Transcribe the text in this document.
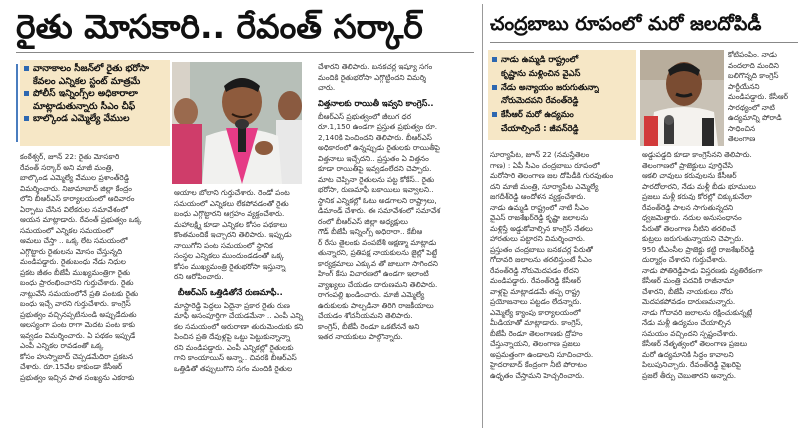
రైతు మోసకారి.. రేవంత్ సర్కార్
వానాకాలం సీజన్‌లో రైతు భరోసా
కేవలం ఎన్నికల స్టంట్ మాత్రమే
పోలీస్ ఇన్నింగ్స్‌ల అధికారాలా
మాట్లాడుతున్నారు సీఎం చీఫ్
బాల్కొండ ఎమ్మెల్యే వేముల
కంఠేశ్వర్, జూన్ 22: రైతు మోసకారి
రేవంత్ సర్కార్ అని మాజీ మంత్రి,
బాల్కొండ ఎమ్మెల్యే వేముల ప్రశాంత్‌రెడ్డి
విమర్శించారు. నిజామాబాద్ జిల్లా కేంద్రం
లోని బీఆర్ఎస్ కార్యాలయంలో ఆదివారం
ఏర్పాటు చేసిన విలేకరుల సమావేశంలో
ఆయన మాట్లాడారు. రేవంత్ ప్రభుత్వం ఒక్క
సమయంలో ఎన్నికల సమయంలో
ఆమలు చేస్తా .. ఒక్క లేట సమయంలో
ఎగ్గొట్టారు రైతులను మోసం చేస్తున్నది
మండిపడ్డారు. రైతుబంధు నేడు నిధుల
ప్రకట జీతం బీజేపీ ముఖ్యమంత్రిగా రైతు
బంధు ప్రారంభించారని గుర్తుచేశారు. రైతు
నాట్లువేసే సమయంలోనే ప్రతి పంటకు రైతు
బంధు ఇచ్చే వారని గుర్తుచేశారు. కాంగ్రెస్
ప్రభుత్వం వచ్చినప్పటినుండి అప్పుడేదుతు
ఆలస్యంగా పంట రాగా మెదట పంట కాకు
ఇవ్వడం విమర్శించారు. ఏ పథకం ఇప్పుడే
ఎంపీ ఎన్నికల రావడంతో ఒక్క
కోసం హుస్నాబాద్ చెప్పడమేదిరా ప్రకటన
చేశారు. రూ.15వేల కాకుండా కేసీఆర్
ప్రభుత్వం ఇచ్చిన పాత సంఖ్యను ఎకరాకు
ఆయాల బోలాని గుర్తుచేశారు. రెండో పంట
సమయంలో ఎన్నికలు లేకపోవడంతో రైతు
బంధు ఎగ్గొట్టారని ఆగ్రహం వ్యక్తంచేశారు.
మహాలక్ష్మి కూడా ఎన్నికల కోసం పథకాలు
కొంతమందికే ఇచ్చారని తెలిపారు. ఇప్పుడు
నాయిగోని పంట సమయంలో స్థానిక
సంస్థల ఎన్నికలు ముందుండడంతో ఒక్క
కోసం ముఖ్యమంత్రి రైతుభరోసా ఇస్తున్నా
రని ఆరోపించారు.
బీఆర్ఎస్ ఒత్తిడితోనే రుణమాఫీ..
మాస్టారెడ్డి పెద్దలు ఏదైనా ప్రకార రైతు రుణ
మాఫీ అసంపూర్తిగా చేయడమేనా .. ఎంపీ ఎన్ని
కల సమయంలో ఆరురాణా తురుమెందుకు కని
పించిన ప్రతి దేవుళ్లపై ఒట్టు పెట్టుకున్నాన్నా
రని మండిపడ్డారు. ఎంపీ ఎన్నికల్లో రైతులకు
గాని కాంయాయిస్ అన్నా.. చివరకి బీఆర్ఎస్
ఒత్తిడితో తప్పులుగొని సగం మందికి రైతుల
చేశారని తెలిపారు. బనకచర్ల ఇష్యూ సగం
మందికి రైతుభరోసా ఎగ్గొట్టిందని విమర్శి
చారు.
విత్తనాలకు రాయితీ ఇవ్వని కాంగ్రెస్..
బీఆర్ఎస్ ప్రభుత్వంలో జీలుగ ధర
రూ.1,150 ఉండగా ప్రస్తుత ప్రభుత్వం రూ.
2,140కి పెంచిందని తెలిపారు. బీఆర్ఎస్
అధికారంలో ఉన్నప్పుడు రైతులకు రాయితీపై
విత్తనాలు ఇచ్చేదని.. ప్రస్తుతం ఏ విత్తనం
కూడా రాయితీపై ఇవ్వడంలేదని చెప్పారు.
మాట చెప్పినా రైతులను పట్ట కోకేస్.. రైతు
భరోసా, రుణమాఫీ బకాయిలు ఇవ్వాలని..
స్థానిక ఎన్నికల్లో ఓటు అడగాలని రాష్ట్రాలు,
డిమాండ్ చేశారు. ఈ సమావేశంలో సమావేశ
రంలో బీఆర్ఎస్ జిల్లా అధ్యక్షులు
గౌడ్ బీజేపీ ఇన్నింగ్స్ అధిరారా.. కేబీఆ
ర్ రేసు తైలంకు వంపబేశీ ఆక్షణ్మా మాట్లాడు
తున్నారని, ప్రతిపక్ష నాయకులను జైల్లో పెట్టే
కార్యక్రమాలు ఎక్కువ తో జాలుగా సాగిందని
హింగ్ కేసు విచారణలో ఉండగా ఇలాంటి
వ్యాఖ్యలు చేయడం దారుణమని తెలిపారు.
రాగంపల్లి ఖండించారు. మాజీ ఎమ్మెల్యే
ఉరుకులకు పాల్పడినా తిరిగి రాజకీయాలు
చేయడం శోచనీయమని తెలిపారు.
కాంగ్రెస్, బీజేపీ రెండూ ఒకటేననే అని
ఇతర నాయకులు పాల్గొన్నారు.
చంద్రబాబు రూపంలో మరో జలదోపిడీ
నాడు ఉమ్మడి రాష్ట్రంలో
కృష్ణాను మళ్లించిన వైఎస్
నేడు అన్యాయం జరుగుతున్నా
నోరుమెదపని రేవంత్‌రెడ్డి
కేసీఆర్ మరో ఉద్యమం
చేయాల్సిందే : జీవన్‌రెడ్డి
కోటిపంపిం. నాడు
వందలాది మందిని
బలిగొన్నది కాంగ్రెస్
పార్టీయేనని
మండిపడ్డారు. కేసీఆర్
సారథ్యంలో నాటి
ఉద్యమాన్ని పోరాడి
సాధించిన
తెలంగాణ
సూర్యాపేట, జూన్ 22 (నమస్తేతెలం
గాణ) : ఏపీ సీఎం చంద్రబాబు రూపంలో
మరోసారి తెలంగాణ జల దోపిడీకి గురవుతుం
దని మాజీ మంత్రి, సూర్యాపేట ఎమ్మెల్యే
జగదీశ్‌రెడ్డి ఆందోళన వ్యక్తంచేశారు.
నాడు ఉమ్మడి రాష్ట్రంలో నాటి సీఎం
వైఎస్ రాజశేఖర్‌రెడ్డి కృష్ణా జలాలను
మళ్లిస్తే అడ్డుకోవాల్సిన కాంగ్రెస్ నేతలు
హారతులు పట్టారని విమర్శించారు.
ప్రస్తుతం చంద్రబాబు బనకచర్ల పేరుతో
గోదావరి జలాలను తరలిస్తుంటే సీఎం
రేవంత్‌రెడ్డి నోరుమెదపడం లేదని
మండిపడ్డారు. రేవంత్‌రెడ్డి కేసీఆర్
వాళ్లపై మాట్లాడడమే తప్ప రాష్ట్ర
ప్రయోజనాలు పట్టడం లేదన్నారు.
ఎమ్మెల్యే క్యాంపు కార్యాలయంలో
మీడియాతో మాట్లాడారు. కాంగ్రెస్,
బీజేపీ రెండూ తెలంగాణకు ద్రోహం
చేస్తున్నాయని, తెలంగాణ ప్రజలు
అప్రమత్తంగా ఉండాలని సూచించారు.
హైదరాబాద్ కేంద్రంగా నీటి పోరాటం
ఉధృతం చేస్తామని హెచ్చరించారు.
అడ్డుపడ్డది కూడా కాంగ్రెసేనని తెలిపారు.
తెలంగాణలో ప్రాజెక్టులు పూర్తిచేసి
ఆకలి చావులు కరువులను కేసీఆర్
పారదోలారని, నేడు మళ్లీ బీడు భూములు
ప్రజలు మళ్లీ కరువు కోరల్లో చిక్కుకునేలా
రేవంత్‌రెడ్డి పాలన సాగుతున్నదని
ధ్వజమెత్తారు. నదుల అనుసంధానం
పేరుతో తెలంగాణ నీటిని తరలించే
కుట్రలు జరుగుతున్నాయని చెప్పారు.
950 టీఎంసీల ప్రాజెక్టు కట్టి రాజశేఖర్‌రెడ్డి
దుర్మార్గం చేశారని గుర్తుచేశారు.
నాడు పోతిరెడ్డిపాడు విస్తరణకు వ్యతిరేకంగా
కేసీఆర్ మంత్రి పదవికి రాజీనామా
చేశారని, బీజేపీ నాయకులు నోరు
మెదపకపోవడం దారుణమన్నారు.
నాడు గోదావరి జలాలను రక్షించుకున్నట్లే
నేడు మళ్లీ ఉద్యమం చేయాల్సిన
సమయం వచ్చిందని స్పష్టంచేశారు.
కేసీఆర్ నేతృత్వంలో తెలంగాణ ప్రజలు
మరో ఉద్యమానికి సిద్ధం కావాలని
పిలుపునిచ్చారు. రేవంత్‌రెడ్డి వైఖరిపై
ప్రజలే తీర్పు చెబుతారని అన్నారు.
